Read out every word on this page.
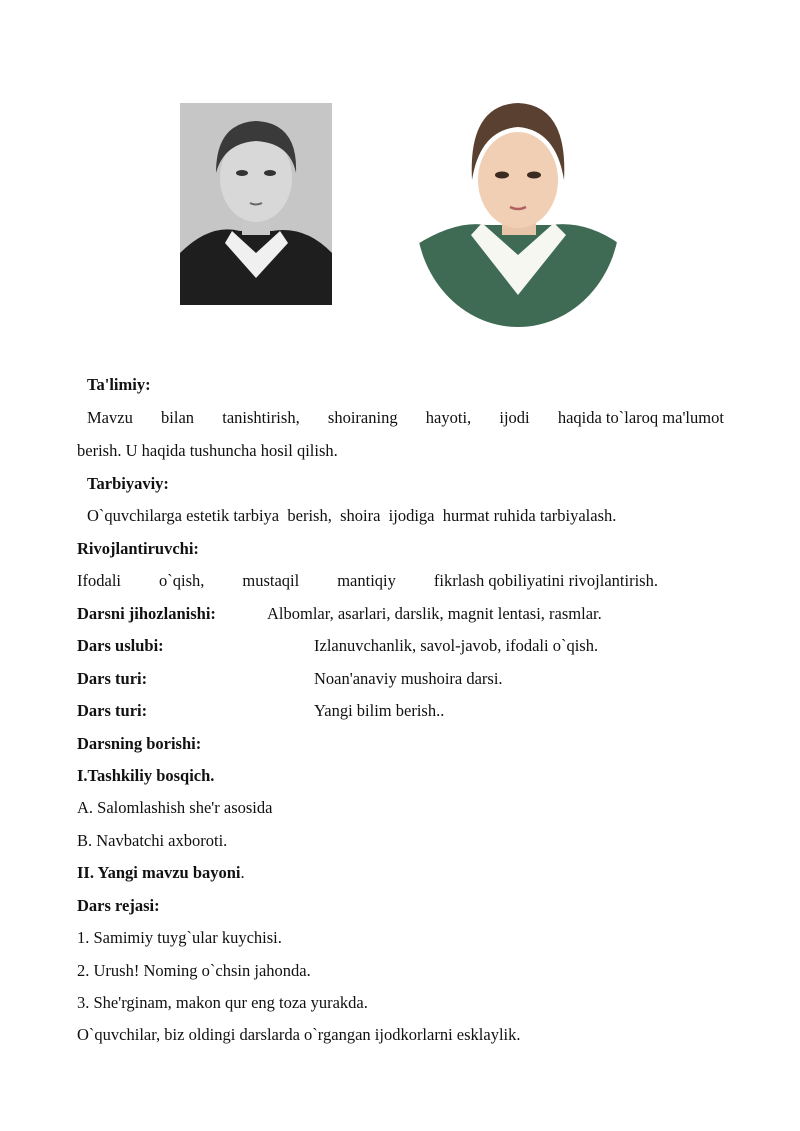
Ta'limiy:
Mavzu bilan tanishtirish, shoiraning hayoti, ijodi haqida to`laroq ma'lumot
berish. U haqida tushuncha hosil qilish.
Tarbiyaviy:
O`quvchilarga estetik tarbiya  berish,  shoira  ijodiga  hurmat ruhida tarbiyalash.
Rivojlantiruvchi:
Ifodali o`qish, mustaqil mantiqiy fikrlash qobiliyatini rivojlantirish.
Darsni jihozlanishi:	Albomlar, asarlari, darslik, magnit lentasi, rasmlar.
Dars uslubi:	Izlanuvchanlik, savol-javob, ifodali o`qish.
Dars turi:	Noan'anaviy mushoira darsi.
Dars turi:	Yangi bilim berish..
Darsning borishi:
I.Tashkiliy bosqich.
A. Salomlashish she'r asosida
B. Navbatchi axboroti.
II. Yangi mavzu bayoni.
Dars rejasi:
1. Samimiy tuyg`ular kuychisi.
2. Urush! Noming o`chsin jahonda.
3. She'rginam, makon qur eng toza yurakda.
O`quvchilar, biz oldingi darslarda o`rgangan ijodkorlarni esklaylik.
